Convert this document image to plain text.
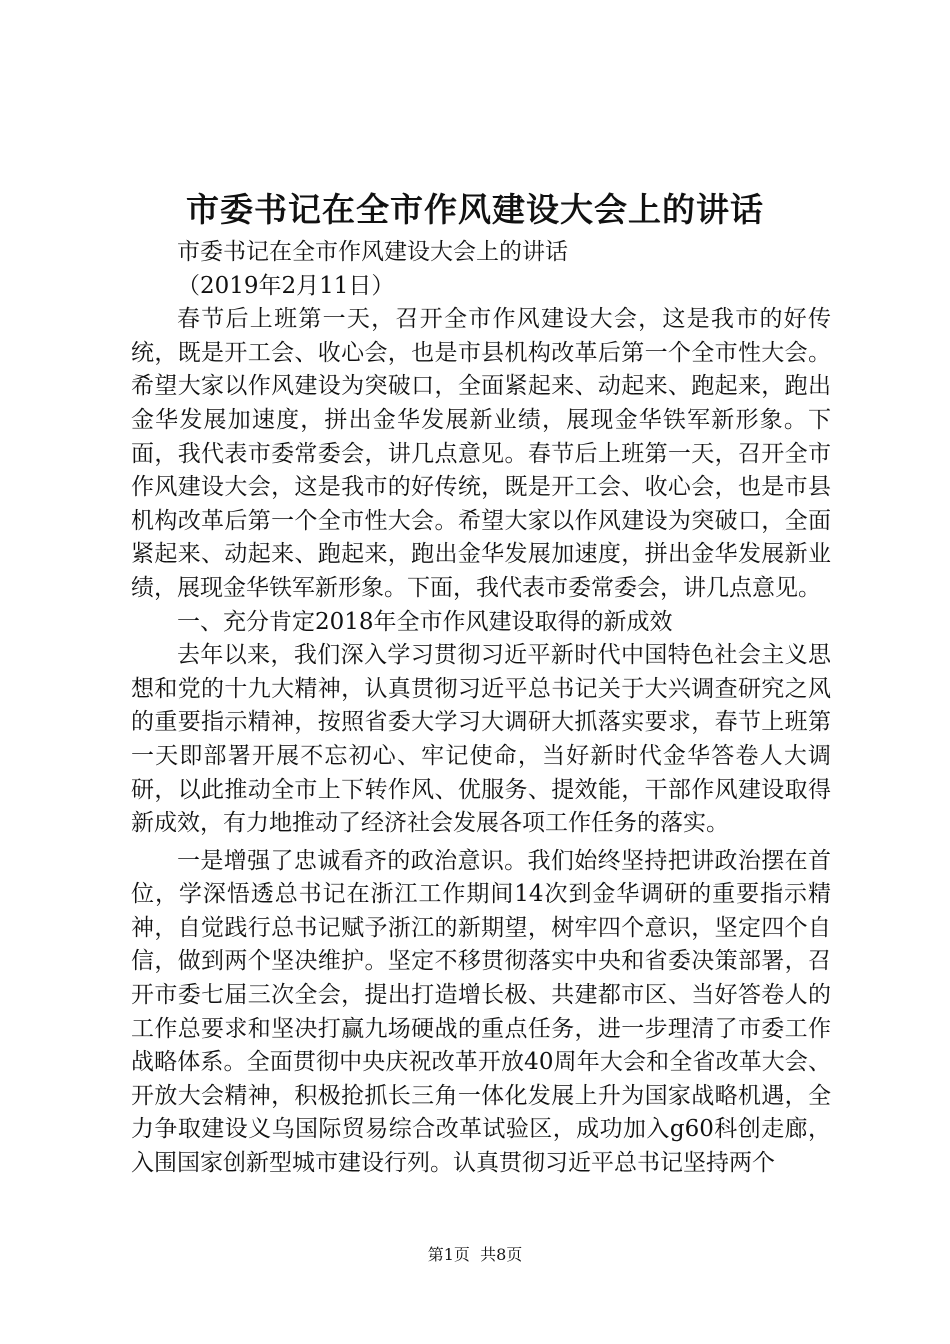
市委书记在全市作风建设大会上的讲话

市委书记在全市作风建设大会上的讲话

（2019年2月11日）

春节后上班第一天，召开全市作风建设大会，这是我市的好传统，既是开工会、收心会，也是市县机构改革后第一个全市性大会。希望大家以作风建设为突破口，全面紧起来、动起来、跑起来，跑出金华发展加速度，拼出金华发展新业绩，展现金华铁军新形象。下面，我代表市委常委会，讲几点意见。春节后上班第一天，召开全市作风建设大会，这是我市的好传统，既是开工会、收心会，也是市县机构改革后第一个全市性大会。希望大家以作风建设为突破口，全面紧起来、动起来、跑起来，跑出金华发展加速度，拼出金华发展新业绩，展现金华铁军新形象。下面，我代表市委常委会，讲几点意见。

一、充分肯定2018年全市作风建设取得的新成效

去年以来，我们深入学习贯彻习近平新时代中国特色社会主义思想和党的十九大精神，认真贯彻习近平总书记关于大兴调查研究之风的重要指示精神，按照省委大学习大调研大抓落实要求，春节上班第一天即部署开展不忘初心、牢记使命，当好新时代金华答卷人大调研，以此推动全市上下转作风、优服务、提效能，干部作风建设取得新成效，有力地推动了经济社会发展各项工作任务的落实。

一是增强了忠诚看齐的政治意识。我们始终坚持把讲政治摆在首位，学深悟透总书记在浙江工作期间14次到金华调研的重要指示精神，自觉践行总书记赋予浙江的新期望，树牢四个意识，坚定四个自信，做到两个坚决维护。坚定不移贯彻落实中央和省委决策部署，召开市委七届三次全会，提出打造增长极、共建都市区、当好答卷人的工作总要求和坚决打赢九场硬战的重点任务，进一步理清了市委工作战略体系。全面贯彻中央庆祝改革开放40周年大会和全省改革大会、开放大会精神，积极抢抓长三角一体化发展上升为国家战略机遇，全力争取建设义乌国际贸易综合改革试验区，成功加入g60科创走廊，入围国家创新型城市建设行列。认真贯彻习近平总书记坚持两个

第1页 共8页
